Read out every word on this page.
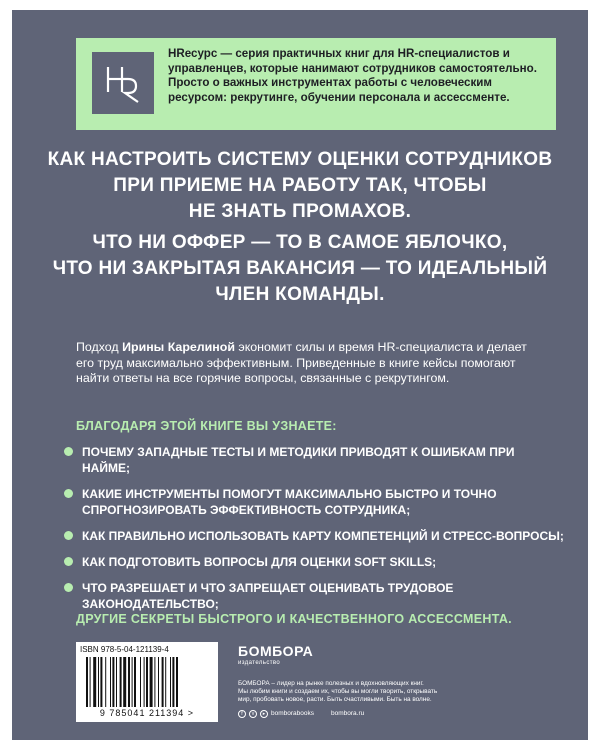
HRесурс — серия практичных книг для HR-специалистов и управленцев, которые нанимают сотрудников самостоятельно. Просто о важных инструментах работы с человеческим ресурсом: рекрутинге, обучении персонала и ассессменте.
КАК НАСТРОИТЬ СИСТЕМУ ОЦЕНКИ СОТРУДНИКОВ
ПРИ ПРИЕМЕ НА РАБОТУ ТАК, ЧТОБЫ
НЕ ЗНАТЬ ПРОМАХОВ.
ЧТО НИ ОФФЕР — ТО В САМОЕ ЯБЛОЧКО,
ЧТО НИ ЗАКРЫТАЯ ВАКАНСИЯ — ТО ИДЕАЛЬНЫЙ
ЧЛЕН КОМАНДЫ.
Подход Ирины Карелиной экономит силы и время HR-специалиста и делает его труд максимально эффективным. Приведенные в книге кейсы помогают найти ответы на все горячие вопросы, связанные с рекрутингом.
БЛАГОДАРЯ ЭТОЙ КНИГЕ ВЫ УЗНАЕТЕ:
ПОЧЕМУ ЗАПАДНЫЕ ТЕСТЫ И МЕТОДИКИ ПРИВОДЯТ К ОШИБКАМ ПРИ НАЙМЕ;
КАКИЕ ИНСТРУМЕНТЫ ПОМОГУТ МАКСИМАЛЬНО БЫСТРО И ТОЧНО
СПРОГНОЗИРОВАТЬ ЭФФЕКТИВНОСТЬ СОТРУДНИКА;
КАК ПРАВИЛЬНО ИСПОЛЬЗОВАТЬ КАРТУ КОМПЕТЕНЦИЙ И СТРЕСС-ВОПРОСЫ;
КАК ПОДГОТОВИТЬ ВОПРОСЫ ДЛЯ ОЦЕНКИ SOFT SKILLS;
ЧТО РАЗРЕШАЕТ И ЧТО ЗАПРЕЩАЕТ ОЦЕНИВАТЬ ТРУДОВОЕ ЗАКОНОДАТЕЛЬСТВО;
ДРУГИЕ СЕКРЕТЫ БЫСТРОГО И КАЧЕСТВЕННОГО АССЕССМЕНТА.
ISBN 978-5-04-121139-4
9 785041 211394 >
БОМБОРА
издательство
БОМБОРА – лидер на рынке полезных и вдохновляющих книг.
Мы любим книги и создаем их, чтобы вы могли творить, открывать
мир, пробовать новое, расти. Быть счастливыми. Быть на волне.
f	v	▸ bomborabooks	bombora.ru
